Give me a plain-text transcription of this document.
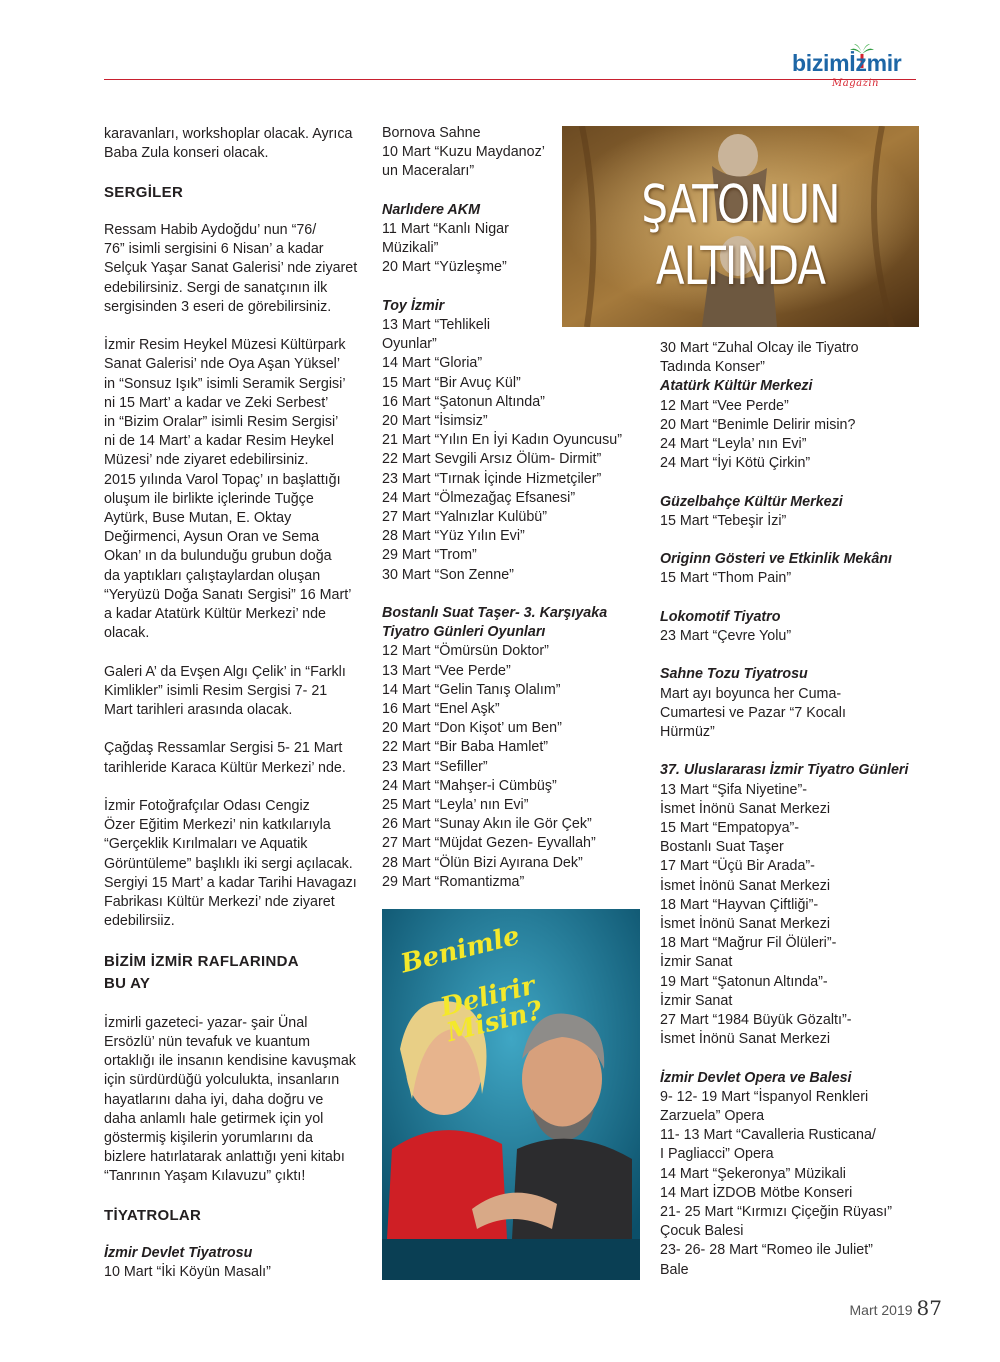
bizimİzmir
Magazin

karavanları, workshoplar olacak. Ayrıca
Baba Zula konseri olacak.

SERGİLER

Ressam Habib Aydoğdu’ nun “76/
76” isimli sergisini 6 Nisan’ a kadar
Selçuk Yaşar Sanat Galerisi’ nde ziyaret
edebilirsiniz. Sergi de sanatçının ilk
sergisinden 3 eseri de görebilirsiniz.

İzmir Resim Heykel Müzesi Kültürpark
Sanat Galerisi’ nde Oya Aşan Yüksel’
in “Sonsuz Işık” isimli Seramik Sergisi’
ni 15 Mart’ a kadar ve Zeki Serbest’
in “Bizim Oralar” isimli Resim Sergisi’
ni de 14 Mart’ a kadar Resim Heykel
Müzesi’ nde ziyaret edebilirsiniz.
2015 yılında Varol Topaç’ ın başlattığı
oluşum ile birlikte içlerinde Tuğçe
Aytürk, Buse Mutan, E. Oktay
Değirmenci, Aysun Oran ve Sema
Okan’ ın da bulunduğu grubun doğa
da yaptıkları çalıştaylardan oluşan
“Yeryüzü Doğa Sanatı Sergisi” 16 Mart’
a kadar Atatürk Kültür Merkezi’ nde
olacak.

Galeri A’ da Evşen Algı Çelik’ in “Farklı
Kimlikler” isimli Resim Sergisi 7- 21
Mart tarihleri arasında olacak.

Çağdaş Ressamlar Sergisi 5- 21 Mart
tarihleride Karaca Kültür Merkezi’ nde.

İzmir Fotoğrafçılar Odası Cengiz
Özer Eğitim Merkezi’ nin katkılarıyla
“Gerçeklik Kırılmaları ve Aquatik
Görüntüleme” başlıklı iki sergi açılacak.
Sergiyi 15 Mart’ a kadar Tarihi Havagazı
Fabrikası Kültür Merkezi’ nde ziyaret
edebilirsiiz.

BİZİM İZMİR RAFLARINDA
BU AY

İzmirli gazeteci- yazar- şair Ünal
Ersözlü’ nün tevafuk ve kuantum
ortaklığı ile insanın kendisine kavuşmak
için sürdürdüğü yolculukta, insanların
hayatlarını daha iyi, daha doğru ve
daha anlamlı hale getirmek için yol
göstermiş kişilerin yorumlarını da
bizlere hatırlatarak anlattığı yeni kitabı
“Tanrının Yaşam Kılavuzu” çıktı!

TİYATROLAR

İzmir Devlet Tiyatrosu

10 Mart “İki Köyün Masalı”

Bornova Sahne
10 Mart “Kuzu Maydanoz’
un Maceraları”

Narlıdere AKM

11 Mart “Kanlı Nigar
Müzikali”
20 Mart “Yüzleşme”

Toy İzmir

13 Mart “Tehlikeli
Oyunlar”
14 Mart “Gloria”
15 Mart “Bir Avuç Kül”
16 Mart “Şatonun Altında”
20 Mart “İsimsiz”
21 Mart “Yılın En İyi Kadın Oyuncusu”
22 Mart Sevgili Arsız Ölüm- Dirmit”
23 Mart “Tırnak İçinde Hizmetçiler”
24 Mart “Ölmezağaç Efsanesi”
27 Mart “Yalnızlar Kulübü”
28 Mart “Yüz Yılın Evi”
29 Mart “Trom”
30 Mart “Son Zenne”

Bostanlı Suat Taşer- 3. Karşıyaka
Tiyatro Günleri Oyunları

12 Mart “Ömürsün Doktor”
13 Mart “Vee Perde”
14 Mart “Gelin Tanış Olalım”
16 Mart “Enel Aşk”
20 Mart “Don Kişot’ um Ben”
22 Mart “Bir Baba Hamlet”
23 Mart “Sefiller”
24 Mart “Mahşer-i Cümbüş”
25 Mart “Leyla’ nın Evi”
26 Mart “Sunay Akın ile Gör Çek”
27 Mart “Müjdat Gezen- Eyvallah”
28 Mart “Ölün Bizi Ayırana Dek”
29 Mart “Romantizma”

ŞATONUN ALTINDA

Benimle

Delirir Misin?

30 Mart “Zuhal Olcay ile Tiyatro
Tadında Konser”

Atatürk Kültür Merkezi

12 Mart “Vee Perde”
20 Mart “Benimle Delirir misin?
24 Mart “Leyla’ nın Evi”
24 Mart “İyi Kötü Çirkin”

Güzelbahçe Kültür Merkezi

15 Mart “Tebeşir İzi”

Originn Gösteri ve Etkinlik Mekânı

15 Mart “Thom Pain”

Lokomotif Tiyatro

23 Mart “Çevre Yolu”

Sahne Tozu Tiyatrosu

Mart ayı boyunca her Cuma-
Cumartesi ve Pazar “7 Kocalı
Hürmüz”

37. Uluslararası İzmir Tiyatro Günleri

13 Mart “Şifa Niyetine”-
İsmet İnönü Sanat Merkezi
15 Mart “Empatopya”-
Bostanlı Suat Taşer
17 Mart “Üçü Bir Arada”-
İsmet İnönü Sanat Merkezi
18 Mart “Hayvan Çiftliği”-
İsmet İnönü Sanat Merkezi
18 Mart “Mağrur Fil Ölüleri”-
İzmir Sanat
19 Mart “Şatonun Altında”-
İzmir Sanat
27 Mart “1984 Büyük Gözaltı”-
İsmet İnönü Sanat Merkezi

İzmir Devlet Opera ve Balesi

9- 12- 19 Mart “İspanyol Renkleri
Zarzuela” Opera
11- 13 Mart “Cavalleria Rusticana/
I Pagliacci” Opera
14 Mart “Şekeronya” Müzikali
14 Mart İZDOB Mötbe Konseri
21- 25 Mart “Kırmızı Çiçeğin Rüyası”
Çocuk Balesi
23- 26- 28 Mart “Romeo ile Juliet”
Bale

Mart 2019 87
